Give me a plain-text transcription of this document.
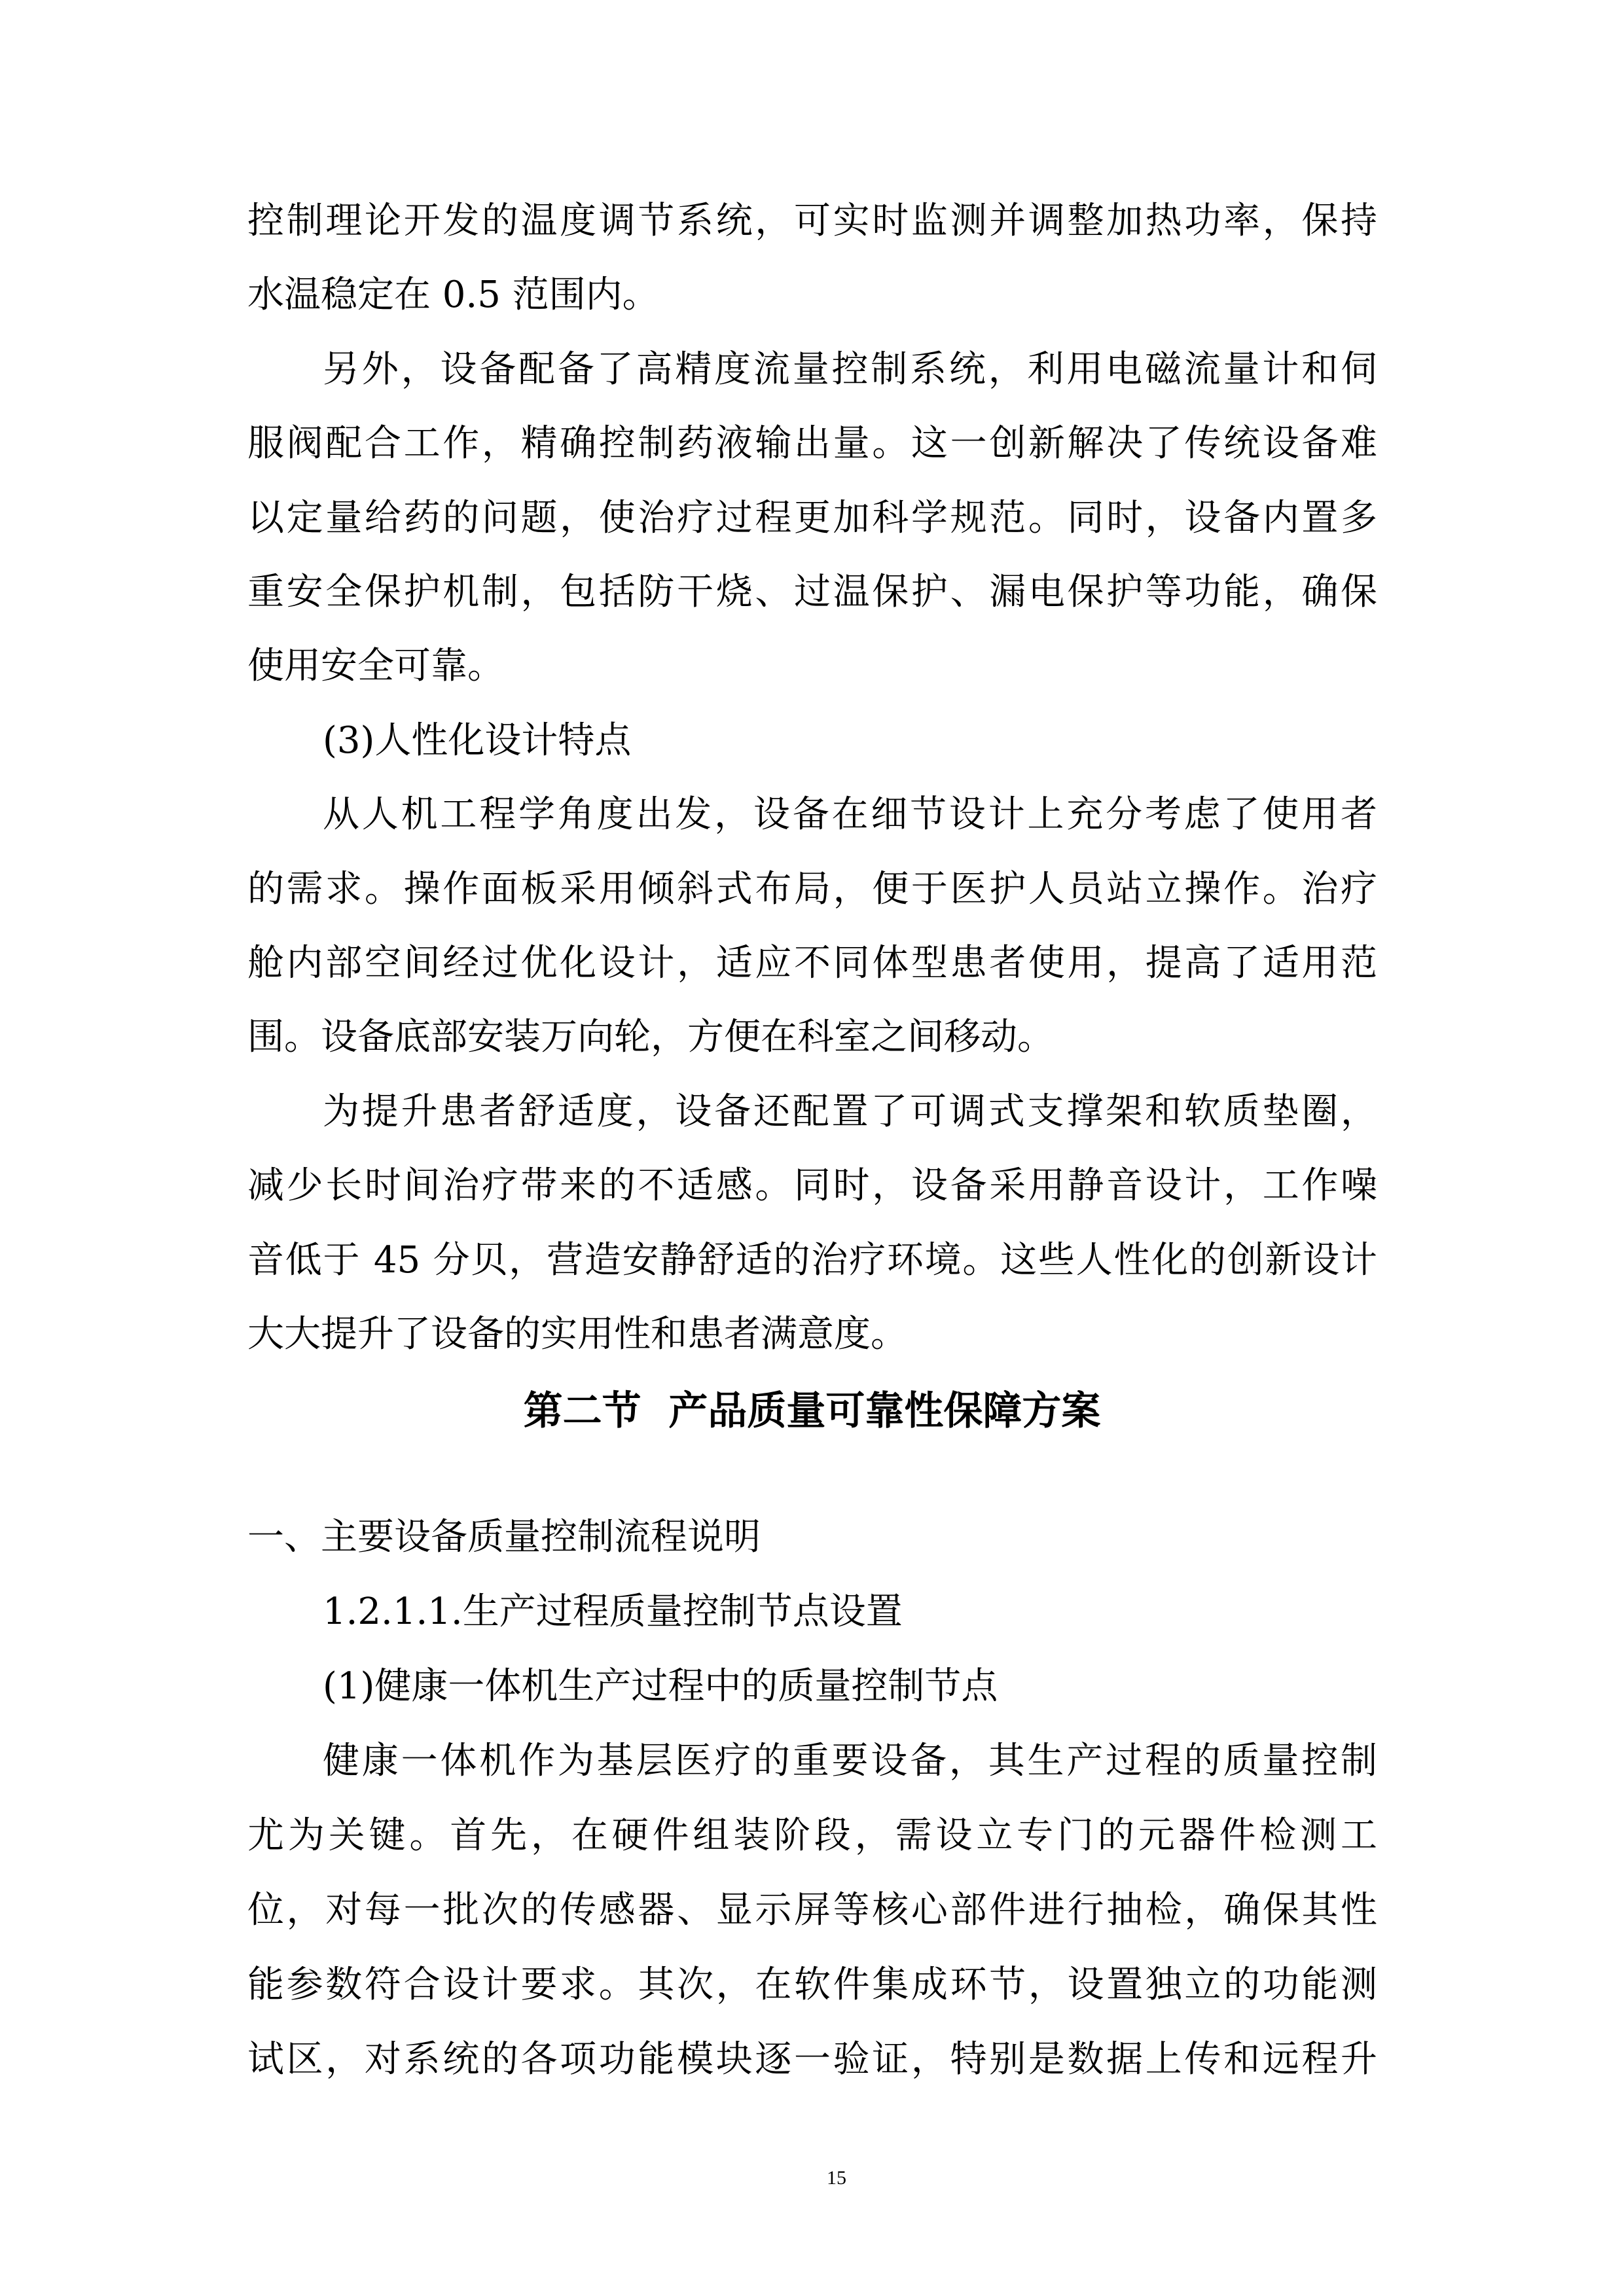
控制理论开发的温度调节系统，可实时监测并调整加热功率，保持
水温稳定在 0.5 范围内。
另外，设备配备了高精度流量控制系统，利用电磁流量计和伺
服阀配合工作，精确控制药液输出量。这一创新解决了传统设备难
以定量给药的问题，使治疗过程更加科学规范。同时，设备内置多
重安全保护机制，包括防干烧、过温保护、漏电保护等功能，确保
使用安全可靠。
(3)人性化设计特点
从人机工程学角度出发，设备在细节设计上充分考虑了使用者
的需求。操作面板采用倾斜式布局，便于医护人员站立操作。治疗
舱内部空间经过优化设计，适应不同体型患者使用，提高了适用范
围。设备底部安装万向轮，方便在科室之间移动。
为提升患者舒适度，设备还配置了可调式支撑架和软质垫圈，
减少长时间治疗带来的不适感。同时，设备采用静音设计，工作噪
音低于 45 分贝，营造安静舒适的治疗环境。这些人性化的创新设计
大大提升了设备的实用性和患者满意度。
第二节  产品质量可靠性保障方案
一、主要设备质量控制流程说明
1.2.1.1.生产过程质量控制节点设置
(1)健康一体机生产过程中的质量控制节点
健康一体机作为基层医疗的重要设备，其生产过程的质量控制
尤为关键。首先，在硬件组装阶段，需设立专门的元器件检测工
位，对每一批次的传感器、显示屏等核心部件进行抽检，确保其性
能参数符合设计要求。其次，在软件集成环节，设置独立的功能测
试区，对系统的各项功能模块逐一验证，特别是数据上传和远程升
15
